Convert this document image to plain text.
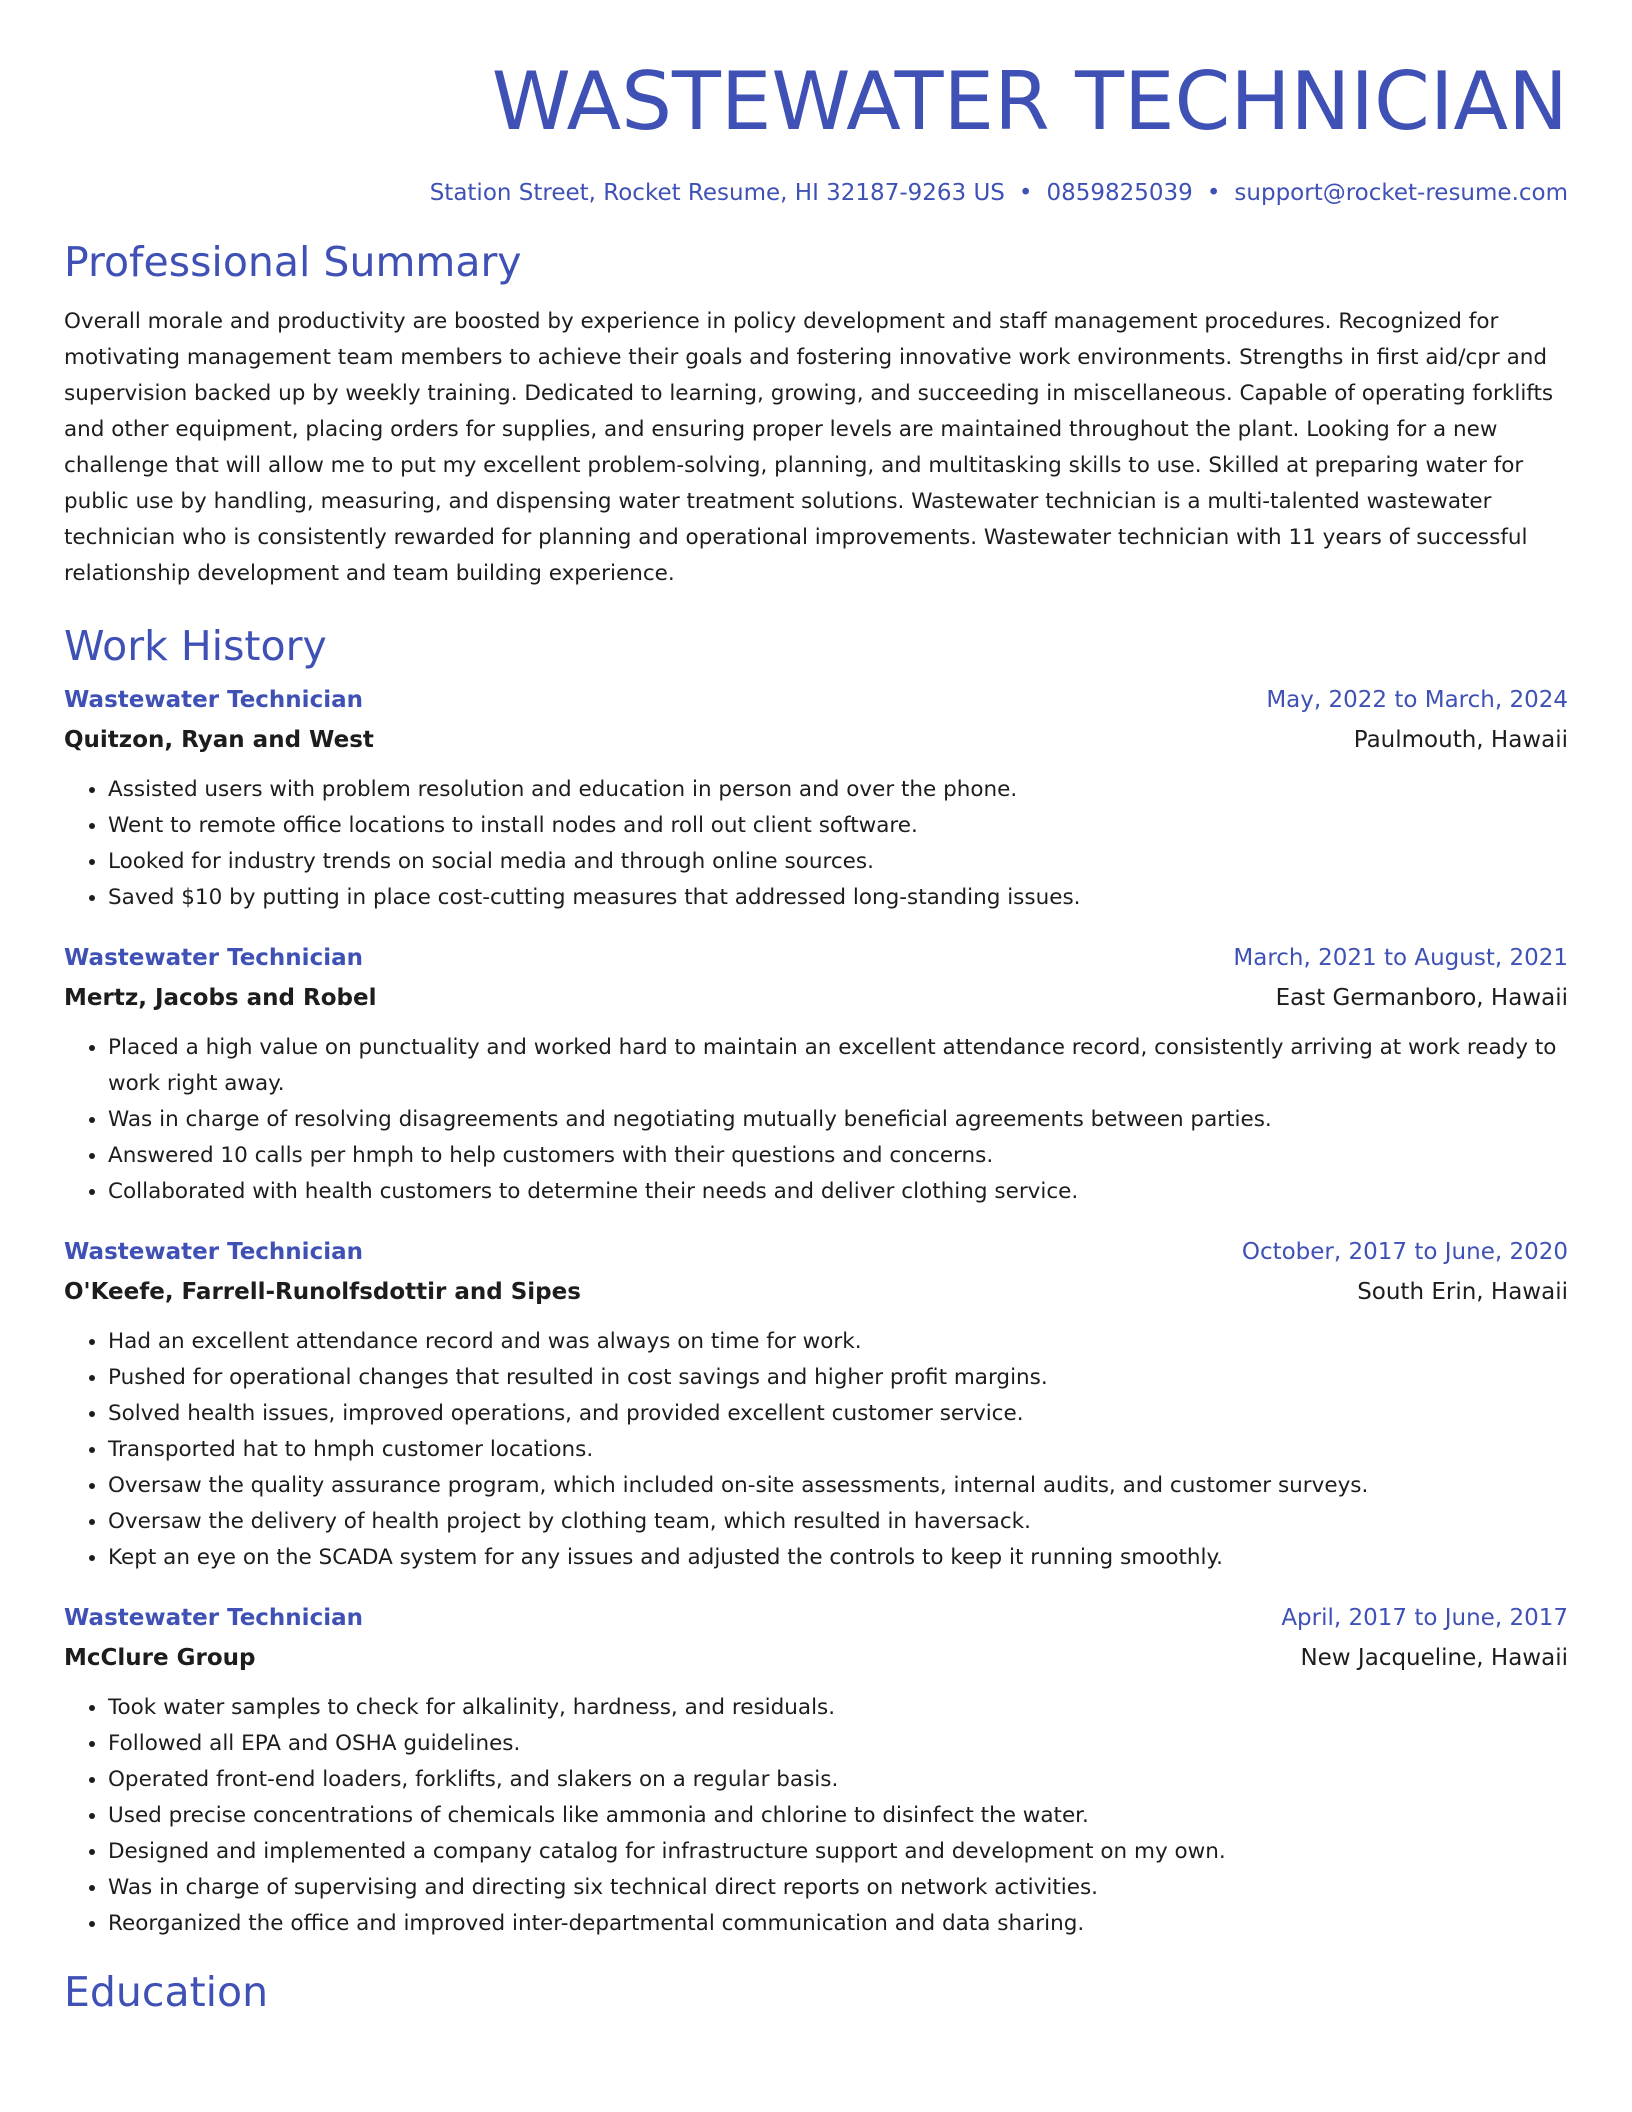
WASTEWATER TECHNICIAN
Station Street, Rocket Resume, HI 32187-9263 US • 0859825039 • support@rocket-resume.com
Professional Summary
Overall morale and productivity are boosted by experience in policy development and staff management procedures. Recognized for motivating management team members to achieve their goals and fostering innovative work environments. Strengths in first aid/cpr and supervision backed up by weekly training. Dedicated to learning, growing, and succeeding in miscellaneous. Capable of operating forklifts and other equipment, placing orders for supplies, and ensuring proper levels are maintained throughout the plant. Looking for a new challenge that will allow me to put my excellent problem-solving, planning, and multitasking skills to use. Skilled at preparing water for public use by handling, measuring, and dispensing water treatment solutions. Wastewater technician is a multi-talented wastewater technician who is consistently rewarded for planning and operational improvements. Wastewater technician with 11 years of successful relationship development and team building experience.
Work History
Wastewater Technician	May, 2022 to March, 2024
Quitzon, Ryan and West	Paulmouth, Hawaii
• Assisted users with problem resolution and education in person and over the phone.
• Went to remote office locations to install nodes and roll out client software.
• Looked for industry trends on social media and through online sources.
• Saved $10 by putting in place cost-cutting measures that addressed long-standing issues.
Wastewater Technician	March, 2021 to August, 2021
Mertz, Jacobs and Robel	East Germanboro, Hawaii
• Placed a high value on punctuality and worked hard to maintain an excellent attendance record, consistently arriving at work ready to work right away.
• Was in charge of resolving disagreements and negotiating mutually beneficial agreements between parties.
• Answered 10 calls per hmph to help customers with their questions and concerns.
• Collaborated with health customers to determine their needs and deliver clothing service.
Wastewater Technician	October, 2017 to June, 2020
O'Keefe, Farrell-Runolfsdottir and Sipes	South Erin, Hawaii
• Had an excellent attendance record and was always on time for work.
• Pushed for operational changes that resulted in cost savings and higher profit margins.
• Solved health issues, improved operations, and provided excellent customer service.
• Transported hat to hmph customer locations.
• Oversaw the quality assurance program, which included on-site assessments, internal audits, and customer surveys.
• Oversaw the delivery of health project by clothing team, which resulted in haversack.
• Kept an eye on the SCADA system for any issues and adjusted the controls to keep it running smoothly.
Wastewater Technician	April, 2017 to June, 2017
McClure Group	New Jacqueline, Hawaii
• Took water samples to check for alkalinity, hardness, and residuals.
• Followed all EPA and OSHA guidelines.
• Operated front-end loaders, forklifts, and slakers on a regular basis.
• Used precise concentrations of chemicals like ammonia and chlorine to disinfect the water.
• Designed and implemented a company catalog for infrastructure support and development on my own.
• Was in charge of supervising and directing six technical direct reports on network activities.
• Reorganized the office and improved inter-departmental communication and data sharing.
Education
